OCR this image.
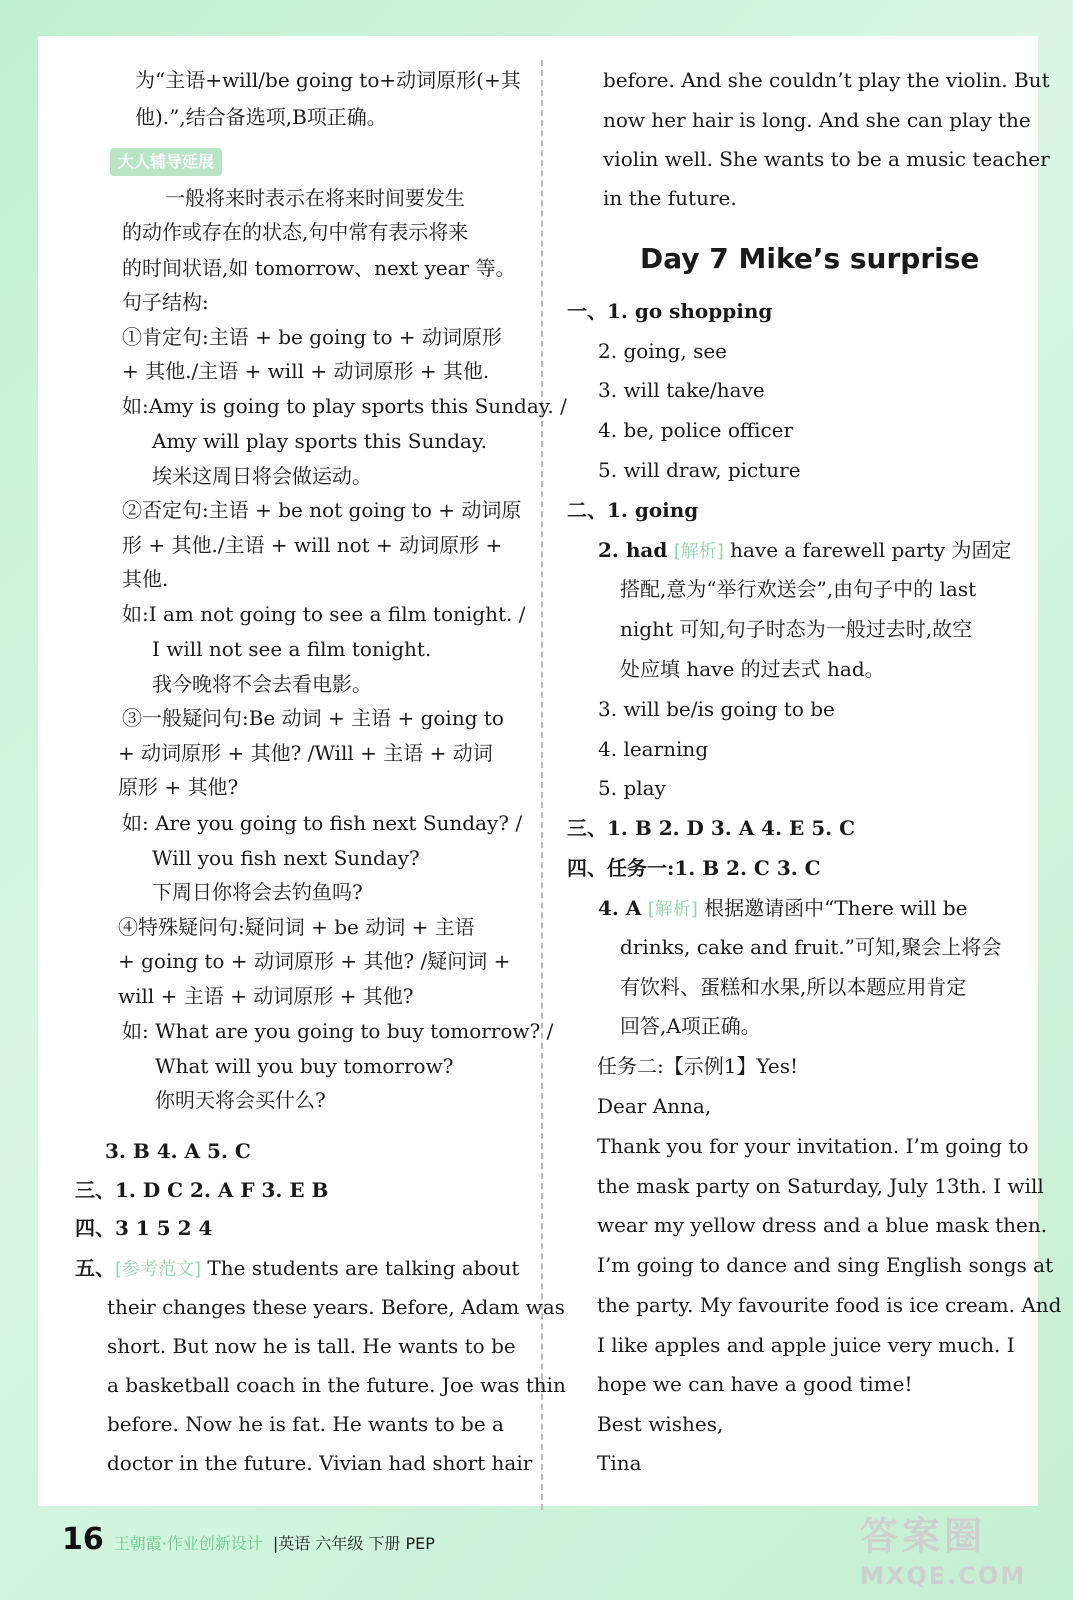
为“主语+will/be going to+动词原形(+其
他).”,结合备选项,B项正确。
大人辅导延展
一般将来时表示在将来时间要发生
的动作或存在的状态,句中常有表示将来
的时间状语,如 tomorrow、next year 等。
句子结构:
①肯定句:主语 + be going to + 动词原形
+ 其他./主语 + will + 动词原形 + 其他.
如:Amy is going to play sports this Sunday. /
Amy will play sports this Sunday.
埃米这周日将会做运动。
②否定句:主语 + be not going to + 动词原
形 + 其他./主语 + will not + 动词原形 +
其他.
如:I am not going to see a film tonight. /
I will not see a film tonight.
我今晚将不会去看电影。
③一般疑问句:Be 动词 + 主语 + going to
+ 动词原形 + 其他? /Will + 主语 + 动词
原形 + 其他?
如: Are you going to fish next Sunday? /
Will you fish next Sunday?
下周日你将会去钓鱼吗?
④特殊疑问句:疑问词 + be 动词 + 主语
+ going to + 动词原形 + 其他? /疑问词 +
will + 主语 + 动词原形 + 其他?
如: What are you going to buy tomorrow? /
What will you buy tomorrow?
你明天将会买什么?
3. B 4. A 5. C
三、1. D C 2. A F 3. E B
四、3 1 5 2 4
五、[参考范文] The students are talking about
their changes these years. Before, Adam was
short. But now he is tall. He wants to be
a basketball coach in the future. Joe was thin
before. Now he is fat. He wants to be a
doctor in the future. Vivian had short hair
before. And she couldn’t play the violin. But
now her hair is long. And she can play the
violin well. She wants to be a music teacher
in the future.
Day 7 Mike’s surprise
一、1. go shopping
2. going, see
3. will take/have
4. be, police officer
5. will draw, picture
二、1. going
2. had [解析] have a farewell party 为固定
搭配,意为“举行欢送会”,由句子中的 last
night 可知,句子时态为一般过去时,故空
处应填 have 的过去式 had。
3. will be/is going to be
4. learning
5. play
三、1. B 2. D 3. A 4. E 5. C
四、任务一:1. B 2. C 3. C
4. A [解析] 根据邀请函中“There will be
drinks, cake and fruit.”可知,聚会上将会
有饮料、蛋糕和水果,所以本题应用肯定
回答,A项正确。
任务二:【示例1】Yes!
Dear Anna,
Thank you for your invitation. I’m going to
the mask party on Saturday, July 13th. I will
wear my yellow dress and a blue mask then.
I’m going to dance and sing English songs at
the party. My favourite food is ice cream. And
I like apples and apple juice very much. I
hope we can have a good time!
Best wishes,
Tina
16 王朝霞·作业创新设计 |英语 六年级 下册 PEP	答案圈
MXQE.COM
